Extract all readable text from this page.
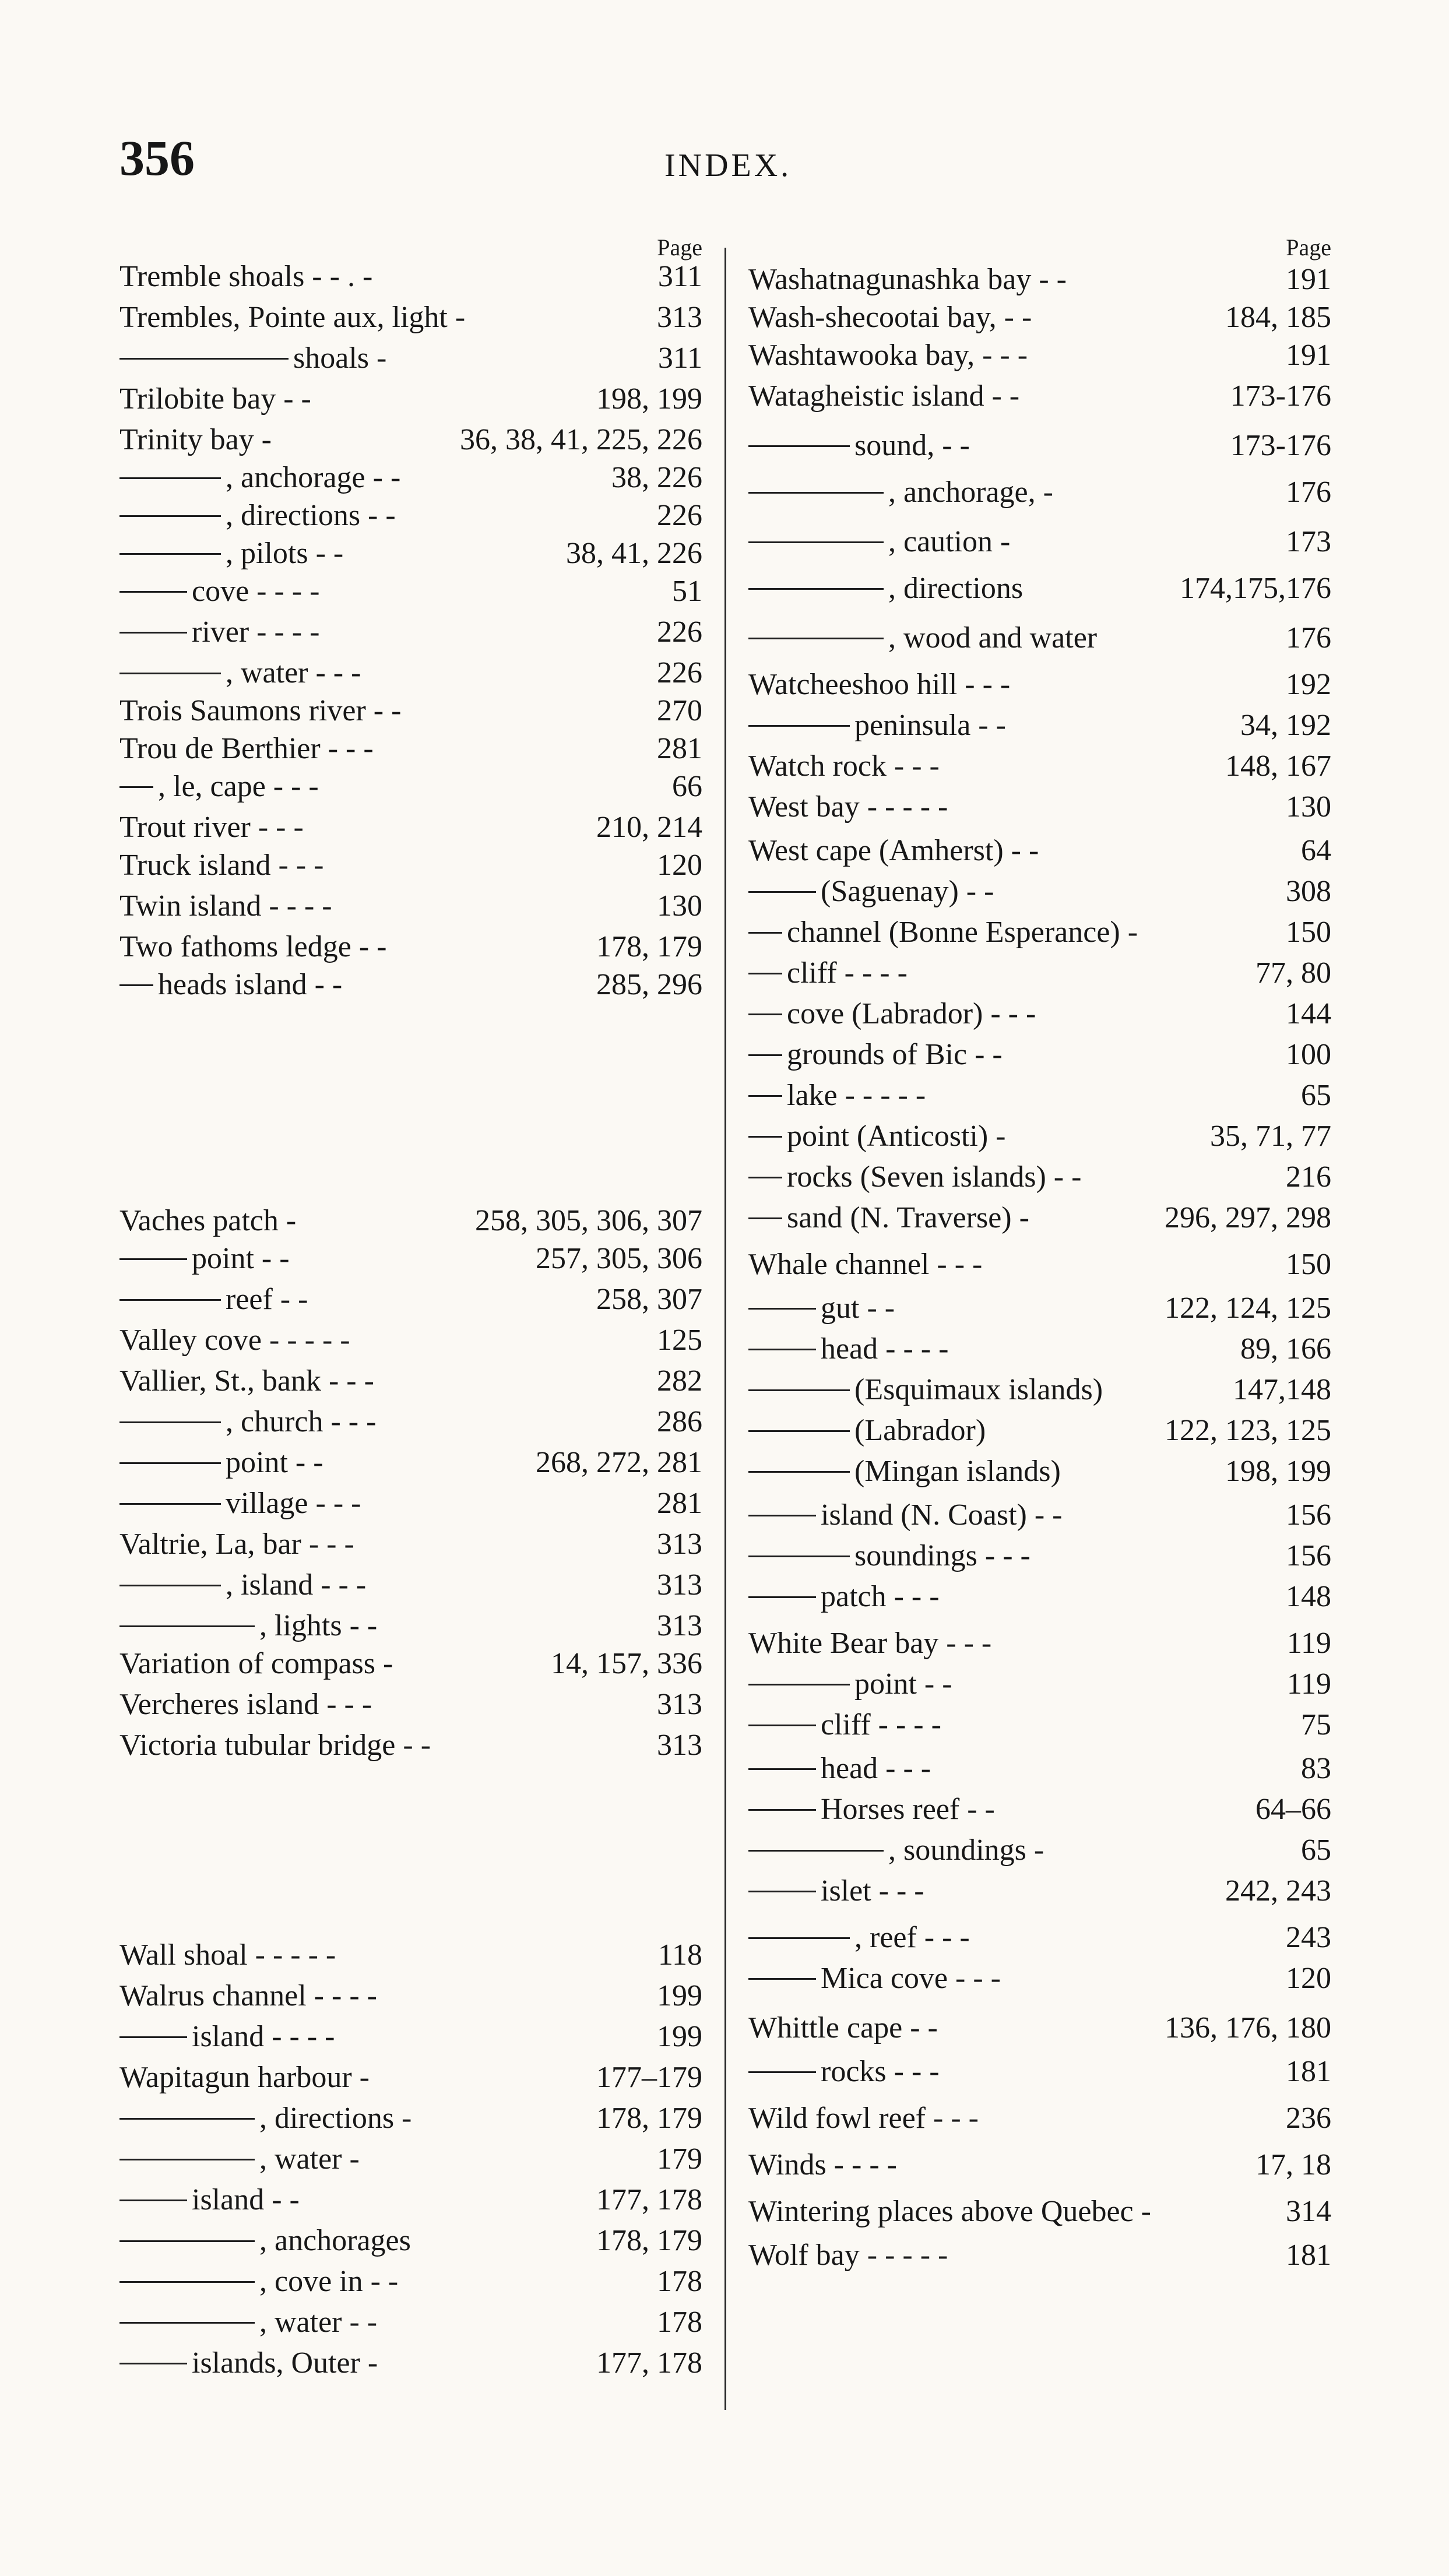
356	INDEX.
Page
Tremble shoals - - . -	311
Trembles, Pointe aux, light -	313
shoals -	311
Trilobite bay - -	198, 199
Trinity bay -	36, 38, 41, 225, 226
, anchorage - -	38, 226
, directions - -	226
, pilots - -	38, 41, 226
cove - - - -	51
river - - - -	226
, water - - -	226
Trois Saumons river - -	270
Trou de Berthier - - -	281
, le, cape - - -	66
Trout river - - -	210, 214
Truck island - - -	120
Twin island - - - -	130
Two fathoms ledge - -	178, 179
heads island - -	285, 296
Vaches patch -	258, 305, 306, 307
point - -	257, 305, 306
reef - -	258, 307
Valley cove - - - - -	125
Vallier, St., bank - - -	282
, church - - -	286
point - -	268, 272, 281
village - - -	281
Valtrie, La, bar - - -	313
, island - - -	313
, lights - -	313
Variation of compass -	14, 157, 336
Vercheres island - - -	313
Victoria tubular bridge - -	313
Wall shoal - - - - -	118
Walrus channel - - - -	199
island - - - -	199
Wapitagun harbour -	177–179
, directions -	178, 179
, water -	179
island - -	177, 178
, anchorages	178, 179
, cove in - -	178
, water - -	178
islands, Outer -	177, 178
Page
Washatnagunashka bay - -	191
Wash-shecootai bay, - -	184, 185
Washtawooka bay, - - -	191
Watagheistic island - -	173-176
sound, - -	173-176
, anchorage, -	176
, caution -	173
, directions	174,175,176
, wood and water	176
Watcheeshoo hill - - -	192
peninsula - -	34, 192
Watch rock - - -	148, 167
West bay - - - - -	130
West cape (Amherst) - -	64
(Saguenay) - -	308
channel (Bonne Esperance) -	150
cliff - - - -	77, 80
cove (Labrador) - - -	144
grounds of Bic - -	100
lake - - - - -	65
point (Anticosti) -	35, 71, 77
rocks (Seven islands) - -	216
sand (N. Traverse) -	296, 297, 298
Whale channel - - -	150
gut - -	122, 124, 125
head - - - -	89, 166
(Esquimaux islands)	147,148
(Labrador)	122, 123, 125
(Mingan islands)	198, 199
island (N. Coast) - -	156
soundings - - -	156
patch - - -	148
White Bear bay - - -	119
point - -	119
cliff - - - -	75
head - - -	83
Horses reef - -	64–66
, soundings -	65
islet - - -	242, 243
, reef - - -	243
Mica cove - - -	120
Whittle cape - -	136, 176, 180
rocks - - -	181
Wild fowl reef - - -	236
Winds - - - -	17, 18
Wintering places above Quebec -	314
Wolf bay - - - - -	181
